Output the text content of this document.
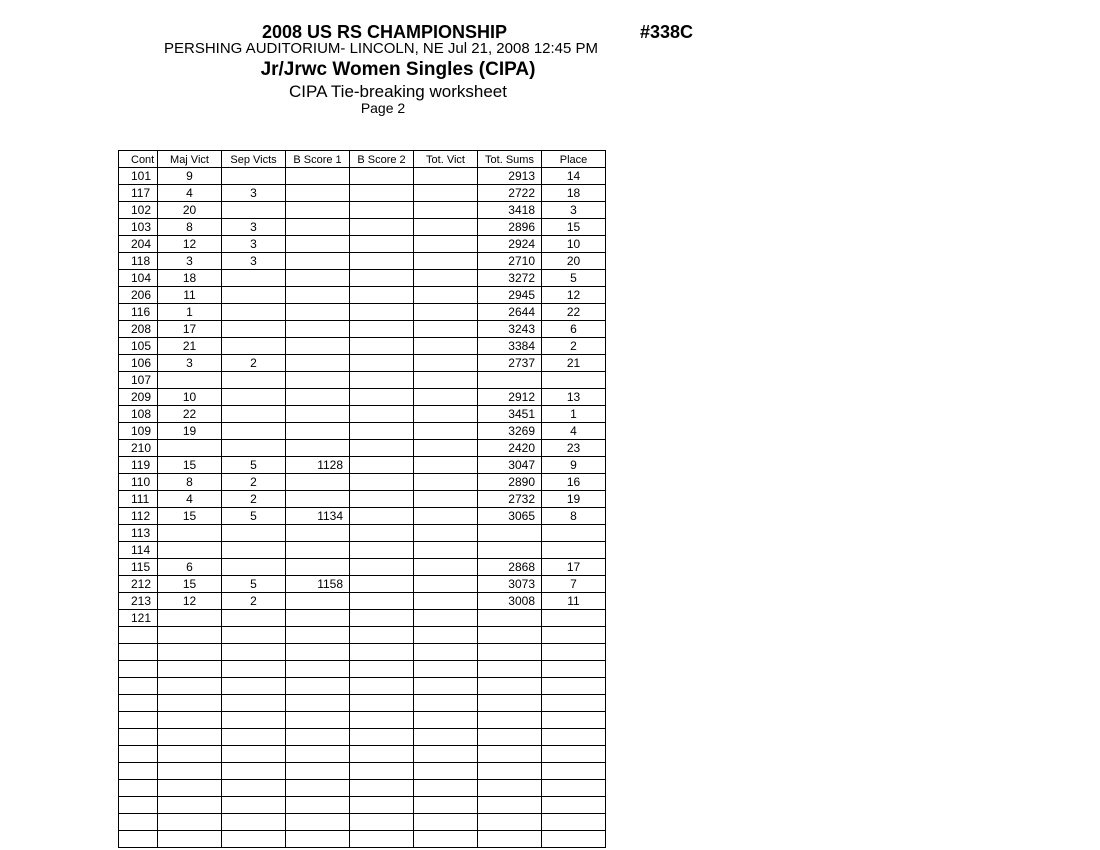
2008 US RS CHAMPIONSHIP	#338C
PERSHING AUDITORIUM- LINCOLN, NE Jul 21, 2008 12:45 PM
Jr/Jrwc Women Singles (CIPA)
CIPA Tie-breaking worksheet
Page 2
Cont	Maj Vict	Sep Victs	B Score 1	B Score 2	Tot. Vict	Tot. Sums	Place
101	9					2913	14
117	4	3				2722	18
102	20					3418	3
103	8	3				2896	15
204	12	3				2924	10
118	3	3				2710	20
104	18					3272	5
206	11					2945	12
116	1					2644	22
208	17					3243	6
105	21					3384	2
106	3	2				2737	21
107							
209	10					2912	13
108	22					3451	1
109	19					3269	4
210						2420	23
119	15	5	1128			3047	9
110	8	2				2890	16
111	4	2				2732	19
112	15	5	1134			3065	8
113							
114							
115	6					2868	17
212	15	5	1158			3073	7
213	12	2				3008	11
121							
